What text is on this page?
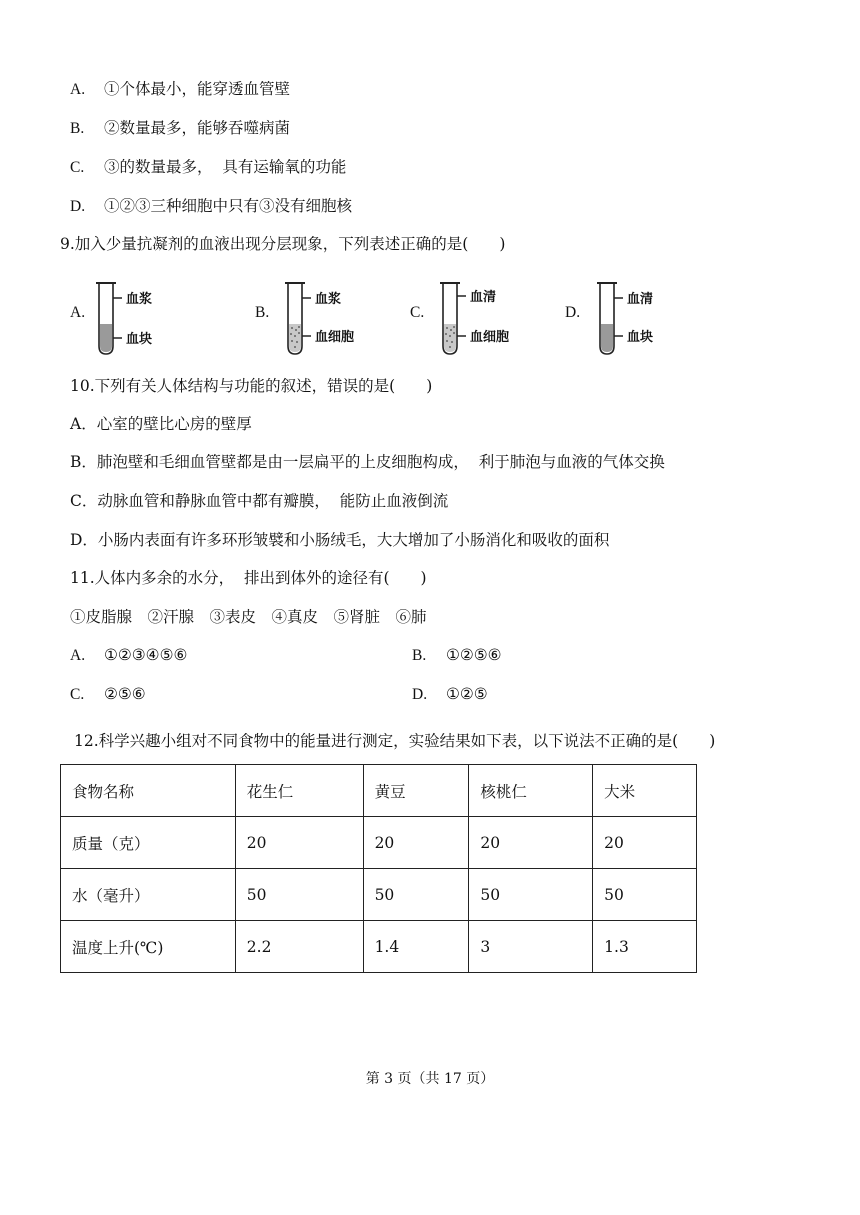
A. ①个体最小，能穿透血管壁
B. ②数量最多，能够吞噬病菌
C. ③的数量最多，  具有运输氧的功能
D. ①②③三种细胞中只有③没有细胞核
9.加入少量抗凝剂的血液出现分层现象，下列表述正确的是(　　)
A.
血浆
血块
B.
血浆
血细胞
C.
血清
血细胞
D.
血清
血块
10.下列有关人体结构与功能的叙述，错误的是(　　)
A．心室的壁比心房的壁厚
B．肺泡壁和毛细血管壁都是由一层扁平的上皮细胞构成，  利于肺泡与血液的气体交换
C．动脉血管和静脉血管中都有瓣膜，  能防止血液倒流
D．小肠内表面有许多环形皱襞和小肠绒毛，大大增加了小肠消化和吸收的面积
11.人体内多余的水分，  排出到体外的途径有(　　)
①皮脂腺　②汗腺　③表皮　④真皮　⑤肾脏　⑥肺
A. ①②③④⑤⑥	B. ①②⑤⑥
C. ②⑤⑥	D. ①②⑤
12.科学兴趣小组对不同食物中的能量进行测定，实验结果如下表，以下说法不正确的是(　　)
食物名称	花生仁	黄豆	核桃仁	大米
质量（克）	20	20	20	20
水（毫升）	50	50	50	50
温度上升(℃)	2.2	1.4	3	1.3
第 3 页（共 17 页）
